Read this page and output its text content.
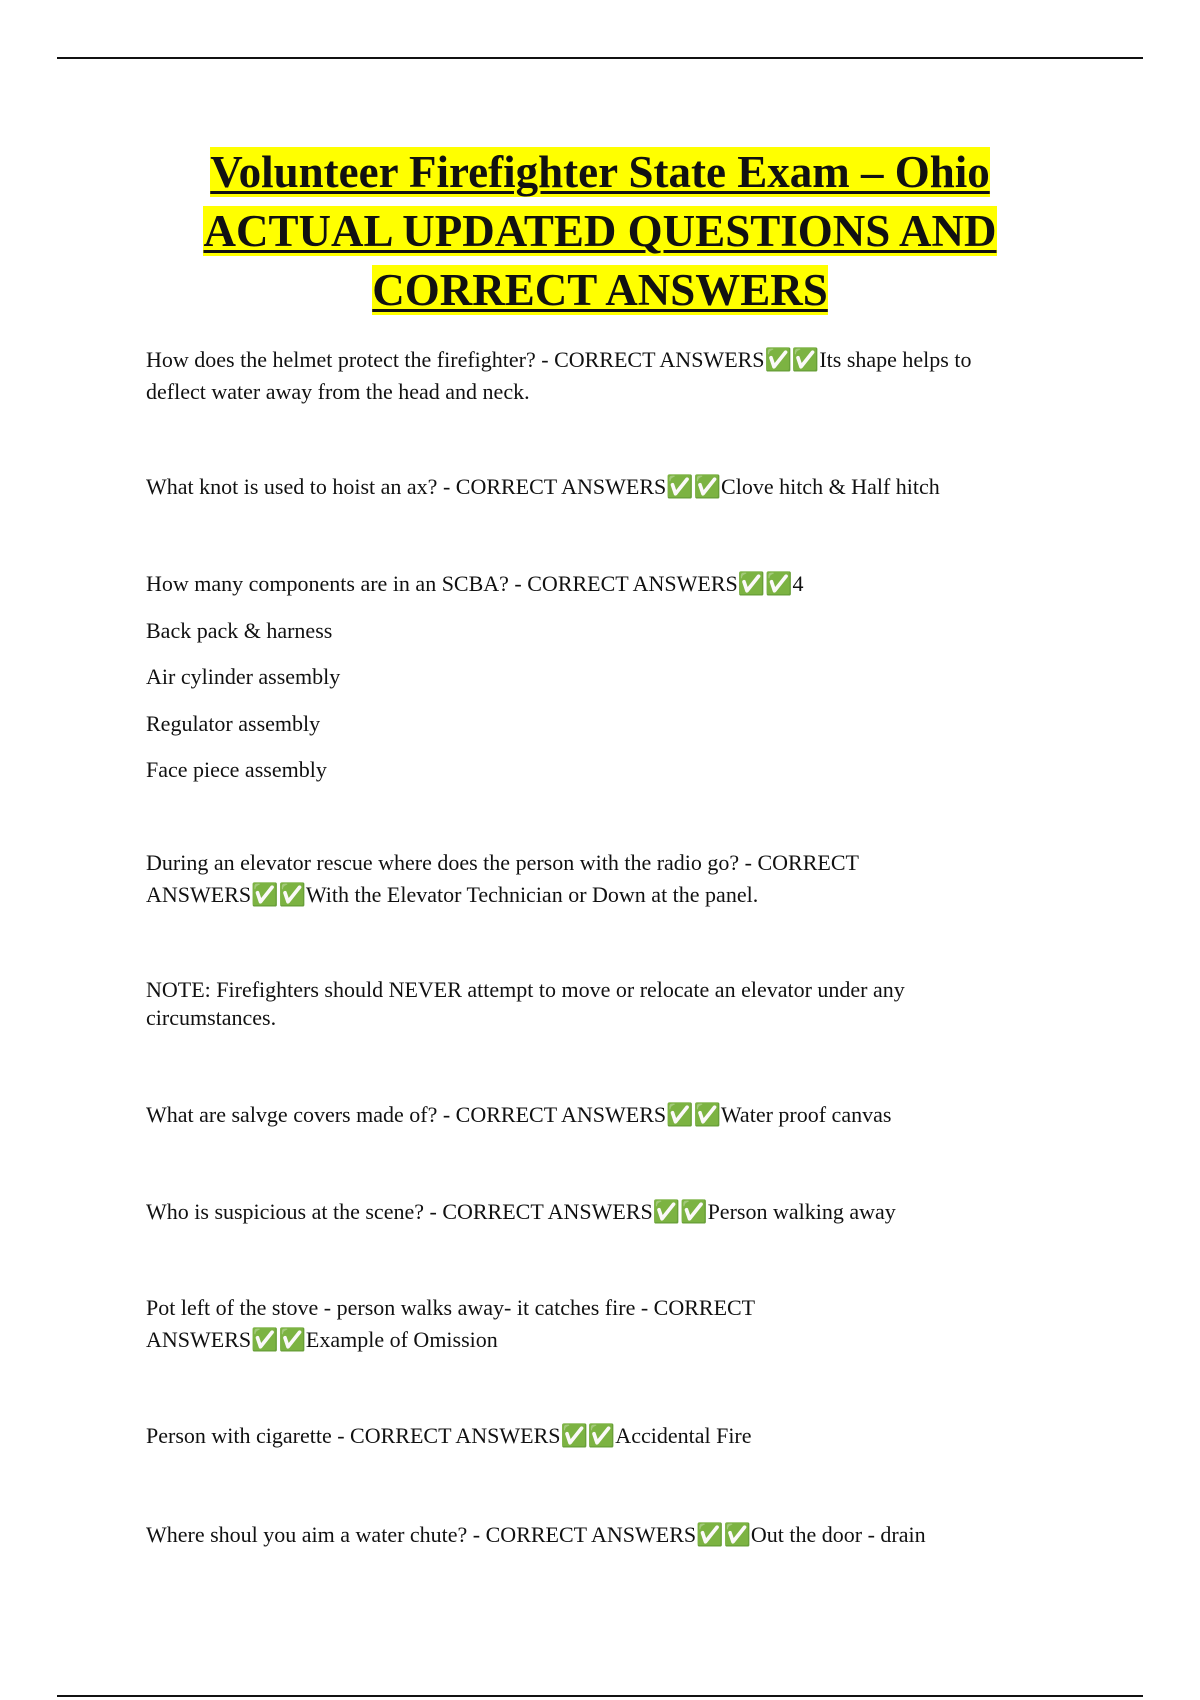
Volunteer Firefighter State Exam – Ohio
ACTUAL UPDATED QUESTIONS AND
CORRECT ANSWERS

How does the helmet protect the firefighter? - CORRECT ANSWERS✅✅Its shape helps to

deflect water away from the head and neck.

What knot is used to hoist an ax? - CORRECT ANSWERS✅✅Clove hitch & Half hitch

How many components are in an SCBA? - CORRECT ANSWERS✅✅4

Back pack & harness

Air cylinder assembly

Regulator assembly

Face piece assembly

During an elevator rescue where does the person with the radio go? - CORRECT

ANSWERS✅✅With the Elevator Technician or Down at the panel.

NOTE: Firefighters should NEVER attempt to move or relocate an elevator under any

circumstances.

What are salvge covers made of? - CORRECT ANSWERS✅✅Water proof canvas

Who is suspicious at the scene? - CORRECT ANSWERS✅✅Person walking away

Pot left of the stove - person walks away- it catches fire - CORRECT

ANSWERS✅✅Example of Omission

Person with cigarette - CORRECT ANSWERS✅✅Accidental Fire

Where shoul you aim a water chute? - CORRECT ANSWERS✅✅Out the door - drain
